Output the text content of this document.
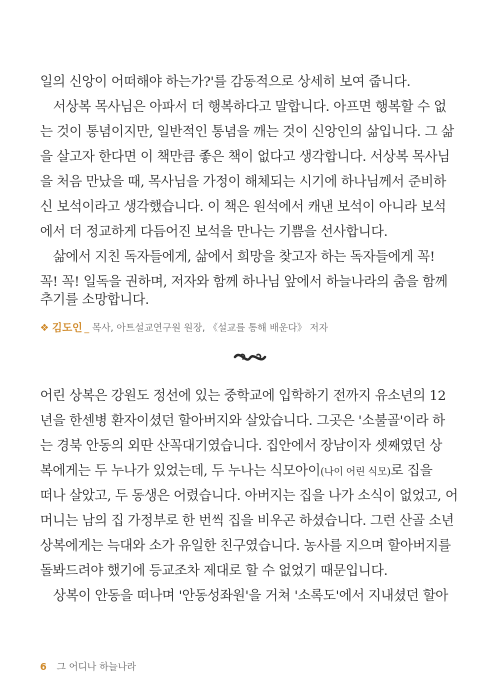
일의 신앙이 어떠해야 하는가?'를 감동적으로 상세히 보여 줍니다.
서상복 목사님은 아파서 더 행복하다고 말합니다. 아프면 행복할 수 없
는 것이 통념이지만, 일반적인 통념을 깨는 것이 신앙인의 삶입니다. 그 삶
을 살고자 한다면 이 책만큼 좋은 책이 없다고 생각합니다. 서상복 목사님
을 처음 만났을 때, 목사님을 가정이 해체되는 시기에 하나님께서 준비하
신 보석이라고 생각했습니다. 이 책은 원석에서 캐낸 보석이 아니라 보석
에서 더 정교하게 다듬어진 보석을 만나는 기쁨을 선사합니다.
삶에서 지친 독자들에게, 삶에서 희망을 찾고자 하는 독자들에게 꼭!
꼭! 꼭! 일독을 권하며, 저자와 함께 하나님 앞에서 하늘나라의 춤을 함께
추기를 소망합니다.
❖ 김도인 _ 목사, 아트설교연구원 원장, 《설교를 통해 배운다》 저자
어린 상복은 강원도 정선에 있는 중학교에 입학하기 전까지 유소년의 12
년을 한센병 환자이셨던 할아버지와 살았습니다. 그곳은 '소불골'이라 하
는 경북 안동의 외딴 산꼭대기였습니다. 집안에서 장남이자 셋째였던 상
복에게는 두 누나가 있었는데, 두 누나는 식모아이(나이 어린 식모)로 집을
떠나 살았고, 두 동생은 어렸습니다. 아버지는 집을 나가 소식이 없었고, 어
머니는 남의 집 가정부로 한 번씩 집을 비우곤 하셨습니다. 그런 산골 소년
상복에게는 늑대와 소가 유일한 친구였습니다. 농사를 지으며 할아버지를
돌봐드려야 했기에 등교조차 제대로 할 수 없었기 때문입니다.
상복이 안동을 떠나며 '안동성좌원'을 거쳐 '소록도'에서 지내셨던 할아
6 그 어디나 하늘나라
